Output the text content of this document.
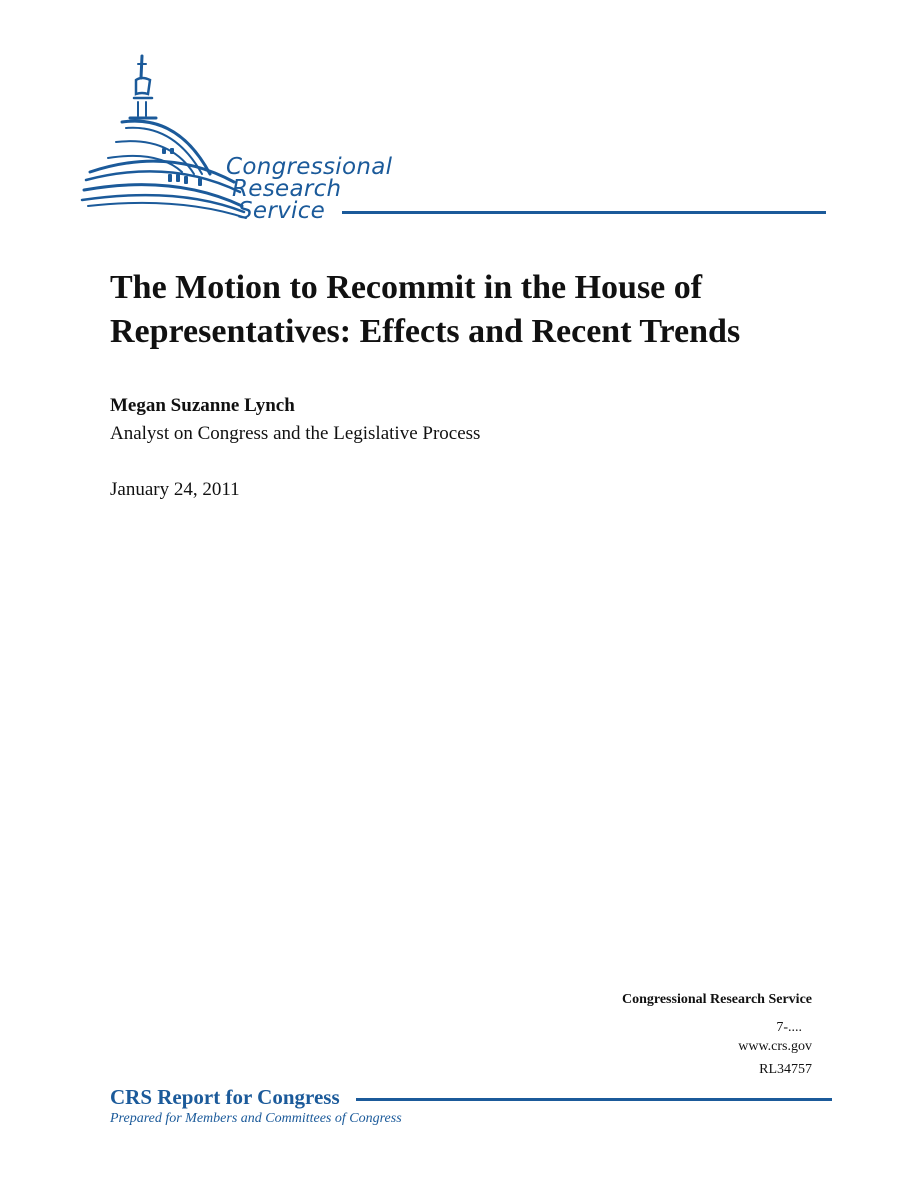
Congressional
Research
Service
The Motion to Recommit in the House of Representatives: Effects and Recent Trends
Megan Suzanne Lynch
Analyst on Congress and the Legislative Process
January 24, 2011
Congressional Research Service
7-....
www.crs.gov
RL34757
CRS Report for Congress
Prepared for Members and Committees of Congress
